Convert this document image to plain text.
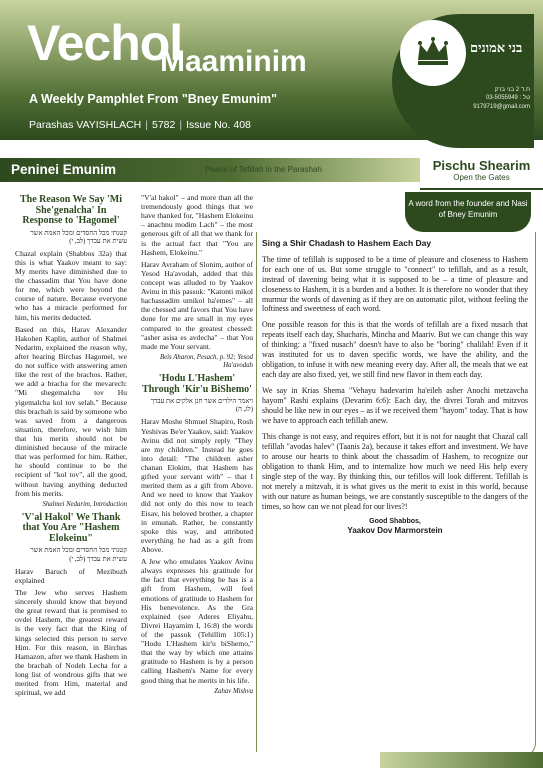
Vechol
Maaminim
A Weekly Pamphlet From "Bney Emunim"
Parashas VAYISHLACH | 5782 | Issue No. 408
בני אמונים
ת.ד 2 בני ברק
03-5055949 : טל
9179719@gmail.com
Peninei Emunim	Pearls of Tefillah in the Parashah	Pischu Shearim
Open the Gates
A word from the founder and Nasi of Bney Emunim
The Reason We Say 'Mi She'genalcha' In Response to 'Hagomel'
קטנתי מכל החסדים ומכל האמת אשר עשית את עבדך (לב, י)

Chazal explain (Shabbos 32a) that this is what Yaakov meant to say: My merits have diminished due to the chassadim that You have done for me, which were beyond the course of nature. Because everyone who has a miracle performed for him, his merits deducted.

Based on this, Harav Alexander Hakohen Kaplin, author of Shalmei Nedarim, explained the reason why, after hearing Birchas Hagomel, we do not suffice with answering amen like the rest of the brachos. Rather, we add a bracha for the mevarech: "Mi shegemalcha tov Hu yigemalcha kol tov selah." Because this brachah is said by someone who was saved from a dangerous situation, therefore, we wish him that his merits should not be diminished because of the miracle that was performed for him. Rather, he should continue to be the recipient of "kol tov", all the good, without having anything deducted from his merits.

Shalmei Nedarim, Introduction
'V'al Hakol' We Thank that You Are "Hashem Elokeinu"
קטנתי מכל החסדים ומכל האמת אשר עשית את עבדך (לב, י)

Harav Baruch of Mezibuzh explained

The Jew who serves Hashem sincerely should know that beyond the great reward that is promised to ovdei Hashem, the greatest reward is the very fact that the King of kings selected this person to serve Him. For this reason, in Birchas Hamazon, after we thank Hashem in the brachah of Nodeh Lecha for a long list of wondrous gifts that we merited from Him, material and spiritual, we add

"V'al hakol" – and more than all the tremendously good things that we have thanked for, "Hashem Elokeinu – anachnu modim Lach" – the most generous gift of all that we thank for is the actual fact that "You are Hashem, Elokeinu."

Harav Avraham of Slonim, author of Yesod Ha'avodah, added that this concept was alluded to by Yaakov Avinu in this passuk: "Katonti mikol hachassadim umikol ha'emes" – all the chessed and favors that You have done for me are small in my eyes compared to the greatest chessed: "asher asisa es avdecha" – that You made me Your servant.

Beis Aharon, Pesach, p. 92; Yesod Ha'avodah
'Hodu L'Hashem' Through 'Kir'u BiShemo'
ויאמר הילדים אשר חנן אלקים את עבדך (לג, ה)

Harav Moshe Shmuel Shapiro, Rosh Yeshivas Be'er Yaakov, said: Yaakov Avinu did not simply reply "They are my children." Instead he goes into detail: "The children asher chanan Elokim, that Hashem has gifted your servant with" – that I merited them as a gift from Above. And we need to know that Yaakov did not only do this now to teach Eisav, his beloved brother, a chapter in emunah. Rather, he constantly spoke this way, and attributed everything he had as a gift from Above.

A Jew who emulates Yaakov Avinu always expresses his gratitude for the fact that everything he has is a gift from Hashem, will feel emotions of gratitude to Hashem for His benevolence. As the Gra explained (see Aderes Eliyahu, Divrei Hayamim I, 16:8) the words of the passuk (Tehillim 105:1) "Hodu L'Hashem kir'u biShemo," that the way by which one attains gratitude to Hashem is by a person calling Hashem's Name for every good thing that he merits in his life.

Zahav Mishva
Sing a Shir Chadash to Hashem Each Day

The time of tefillah is supposed to be a time of pleasure and closeness to Hashem for each one of us. But some struggle to "connect" to tefillah, and as a result, instead of davening being what it is supposed to be – a time of pleasure and closeness to Hashem, it is a burden and a bother. It is therefore no wonder that they murmur the words of davening as if they are on automatic pilot, without feeling the loftiness and sweetness of each word.

One possible reason for this is that the words of tefillah are a fixed nusach that repeats itself each day, Shacharis, Mincha and Maariv. But we can change this way of thinking: a "fixed nusach" doesn't have to also be "boring" chalilah! Even if it was instituted for us to daven specific words, we have the ability, and the obligation, to infuse it with new meaning every day. After all, the meals that we eat each day are also fixed, yet, we still find new flavor in them each day.

We say in Krias Shema "Vehayu hadevarim ha'eileh asher Anochi metzavcha hayom" Rashi explains (Devarim 6:6): Each day, the divrei Torah and mitzvos should be like new in our eyes – as if we received them "hayom" today. That is how we have to approach each tefillah anew.

This change is not easy, and requires effort, but it is not for naught that Chazal call tefillah "avodas halev" (Taanis 2a), because it takes effort and investment. We have to arouse our hearts to think about the chassadim of Hashem, to recognize our obligation to thank Him, and to internalize how much we need His help every single step of the way. By thinking this, our tefillos will look different. Tefillah is not merely a mitzvah, it is what gives us the merit to exist in this world, because with our nature as human beings, we are constantly susceptible to the dangers of the times, so how can we not plead for our lives?!

Good Shabbos,
Yaakov Dov Marmorstein
